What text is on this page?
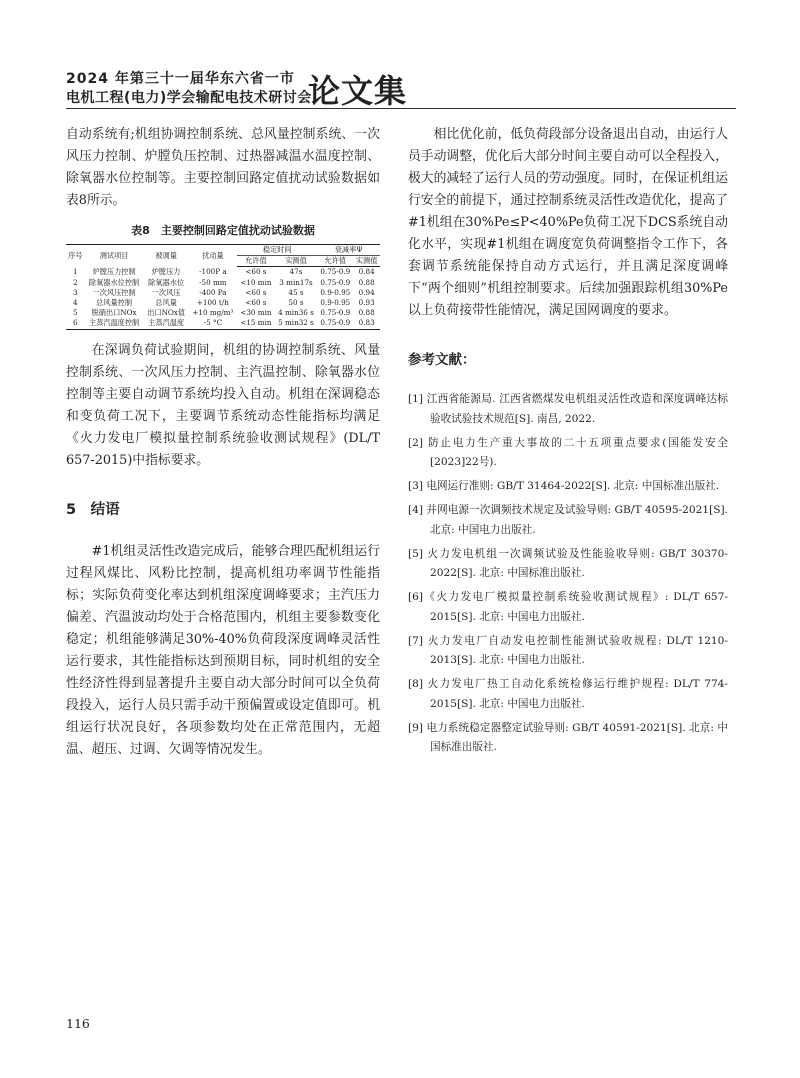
2024 年第三十一届华东六省一市
电机工程(电力)学会输配电技术研讨会
论文集

自动系统有;机组协调控制系统、总风量控制系统、一次风压力控制、炉膛负压控制、过热器减温水温度控制、除氧器水位控制等。主要控制回路定值扰动试验数据如表8所示。

表8　主要控制回路定值扰动试验数据
序号	测试项目	被调量	扰动量	稳定时间		衰减率Ψ	
				允许值	实测值	允许值	实测值
1	炉膛压力控制	炉膛压力	-100P a	<60 s	47s	0.75-0.9	0.84
2	除氧器水位控制	除氧器水位	-50 mm	<10 min	3 min17s	0.75-0.9	0.88
3	一次风压控制	一次风压	-400 Pa	<60 s	45 s	0.9-0.95	0.94
4	总风量控制	总风量	+100 t/h	<60 s	50 s	0.9-0.95	0.93
5	脱硝出口NOx	出口NOx值	+10 mg/m³	<30 min	4 min36 s	0.75-0.9	0.88
6	主蒸汽温度控制	主蒸汽温度	-5 °C	<15 min	5 min32 s	0.75-0.9	0.83

在深调负荷试验期间，机组的协调控制系统、风量控制系统、一次风压力控制、主汽温控制、除氧器水位控制等主要自动调节系统均投入自动。机组在深调稳态和变负荷工况下，主要调节系统动态性能指标均满足《火力发电厂模拟量控制系统验收测试规程》(DL/T 657-2015)中指标要求。

5　结语

#1机组灵活性改造完成后，能够合理匹配机组运行过程风煤比、风粉比控制，提高机组功率调节性能指标；实际负荷变化率达到机组深度调峰要求；主汽压力偏差、汽温波动均处于合格范围内，机组主要参数变化稳定；机组能够满足30%-40%负荷段深度调峰灵活性运行要求，其性能指标达到预期目标，同时机组的安全性经济性得到显著提升主要自动大部分时间可以全负荷段投入，运行人员只需手动干预偏置或设定值即可。机组运行状况良好，各项参数均处在正常范围内，无超温、超压、过调、欠调等情况发生。

相比优化前，低负荷段部分设备退出自动，由运行人员手动调整，优化后大部分时间主要自动可以全程投入，极大的减轻了运行人员的劳动强度。同时，在保证机组运行安全的前提下，通过控制系统灵活性改造优化，提高了#1机组在30%Pe≤P<40%Pe负荷工况下DCS系统自动化水平，实现#1机组在调度宽负荷调整指令工作下，各套调节系统能保持自动方式运行，并且满足深度调峰下“两个细则”机组控制要求。后续加强跟踪机组30%Pe以上负荷接带性能情况，满足国网调度的要求。

参考文献：
[1] 江西省能源局. 江西省燃煤发电机组灵活性改造和深度调峰达标验收试验技术规范[S]. 南昌, 2022.
[2] 防止电力生产重大事故的二十五项重点要求(国能发安全[2023]22号).
[3] 电网运行准则: GB/T 31464-2022[S]. 北京: 中国标准出版社.
[4] 并网电源一次调频技术规定及试验导则: GB/T 40595-2021[S]. 北京: 中国电力出版社.
[5] 火力发电机组一次调频试验及性能验收导则: GB/T 30370-2022[S]. 北京: 中国标准出版社.
[6]《火力发电厂模拟量控制系统验收测试规程》: DL/T 657-2015[S]. 北京: 中国电力出版社.
[7] 火力发电厂自动发电控制性能测试验收规程: DL/T 1210-2013[S]. 北京: 中国电力出版社.
[8] 火力发电厂热工自动化系统检修运行维护规程: DL/T 774-2015[S]. 北京: 中国电力出版社.
[9] 电力系统稳定器整定试验导则: GB/T 40591-2021[S]. 北京: 中国标准出版社.
116
